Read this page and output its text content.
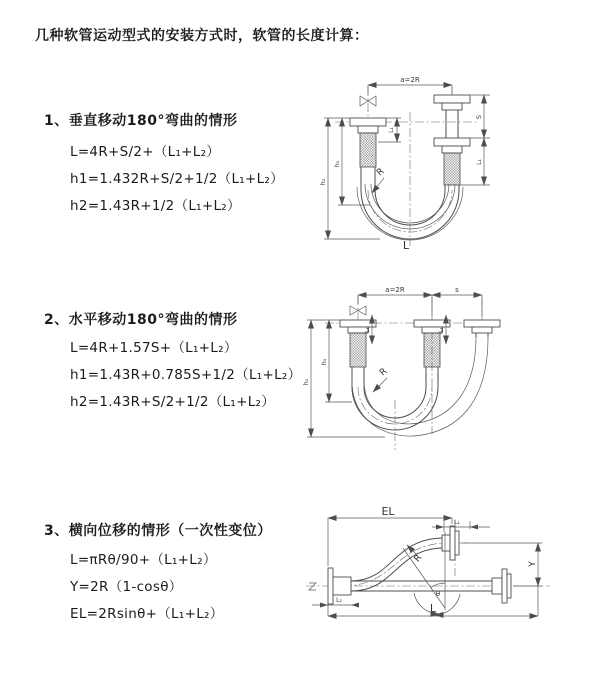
几种软管运动型式的安装方式时，软管的长度计算：
1、垂直移动180°弯曲的情形
L=4R+S/2+（L₁+L₂）
h1=1.432R+S/2+1/2（L₁+L₂）
h2=1.43R+1/2（L₁+L₂）
2、水平移动180°弯曲的情形
L=4R+1.57S+（L₁+L₂）
h1=1.43R+0.785S+1/2（L₁+L₂）
h2=1.43R+S/2+1/2（L₁+L₂）
3、横向位移的情形（一次性变位）
L=πRθ/90+（L₁+L₂）
Y=2R（1-cosθ）
EL=2Rsinθ+（L₁+L₂）
a=2R
h₂
h₁
L₁
S
L₁
R
L
a=2R	s
h₁
h₂
L₁	L₁
R
EL
L₁
Y
L
L₂
R
θ
